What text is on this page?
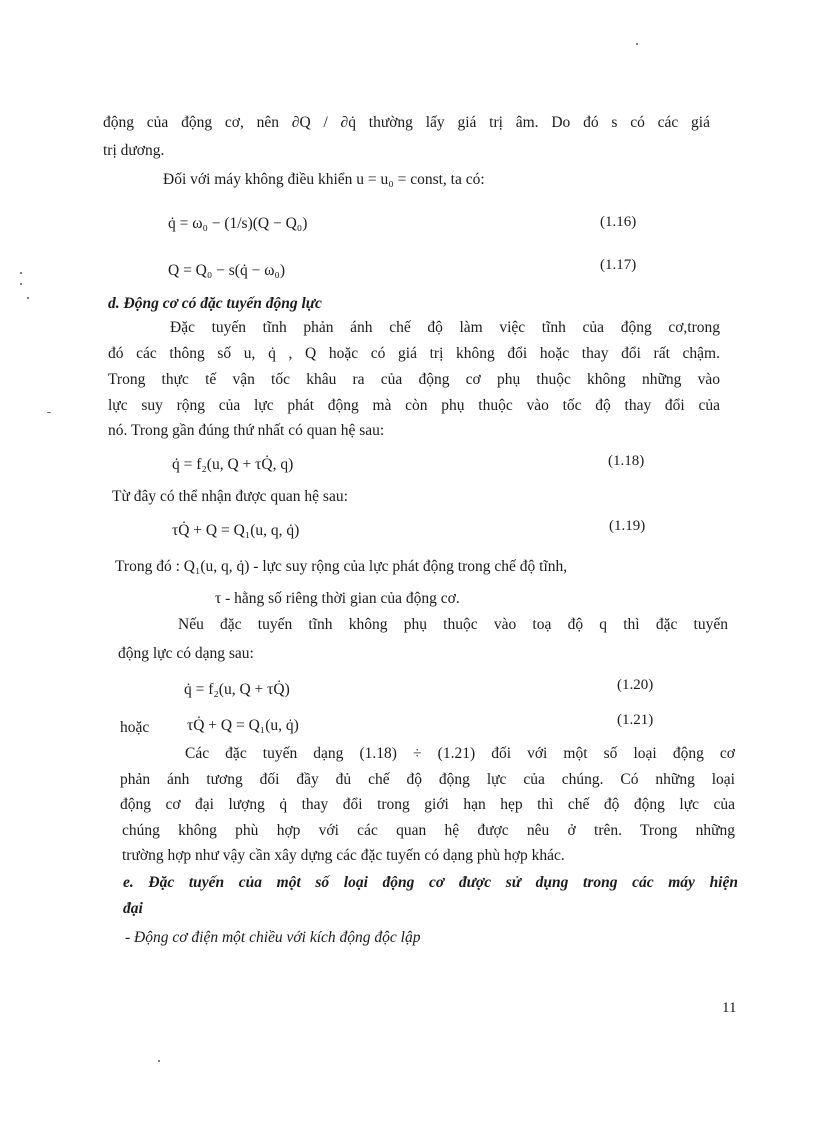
động của động cơ, nên ∂Q / ∂q̇ thường lấy giá trị âm. Do đó s có các giá
trị dương.
Đối với máy không điều khiển u = u₀ = const, ta có:
q̇ = ω₀ − (1/s)(Q − Q₀)	(1.16)
Q = Q₀ − s(q̇ − ω₀)	(1.17)
d. Động cơ có đặc tuyến động lực
Đặc tuyến tĩnh phản ánh chế độ làm việc tĩnh của động cơ,trong
đó các thông số u, q̇ , Q hoặc có giá trị không đổi hoặc thay đổi rất chậm.
Trong thực tế vận tốc khâu ra của động cơ phụ thuộc không những vào
lực suy rộng của lực phát động mà còn phụ thuộc vào tốc độ thay đổi của
nó. Trong gần đúng thứ nhất có quan hệ sau:
q̇ = f₂(u, Q + τQ̇, q)	(1.18)
Từ đây có thể nhận được quan hệ sau:
τQ̇ + Q = Q₁(u, q, q̇)	(1.19)
Trong đó : Q₁(u, q, q̇) - lực suy rộng của lực phát động trong chế độ tĩnh,
τ - hằng số riêng thời gian của động cơ.
Nếu đặc tuyến tĩnh không phụ thuộc vào toạ độ q thì đặc tuyến
động lực có dạng sau:
q̇ = f₂(u, Q + τQ̇)	(1.20)
hoặc τQ̇ + Q = Q₁(u, q̇)	(1.21)
Các đặc tuyến dạng (1.18) ÷ (1.21) đối với một số loại động cơ
phản ánh tương đối đầy đủ chế độ động lực của chúng. Có những loại
động cơ đại lượng q̇ thay đổi trong giới hạn hẹp thì chế độ động lực của
chúng không phù hợp với các quan hệ được nêu ở trên. Trong những
trường hợp như vậy cần xây dựng các đặc tuyến có dạng phù hợp khác.
e. Đặc tuyến của một số loại động cơ được sử dụng trong các máy hiện
đại
- Động cơ điện một chiều với kích động độc lập
11
